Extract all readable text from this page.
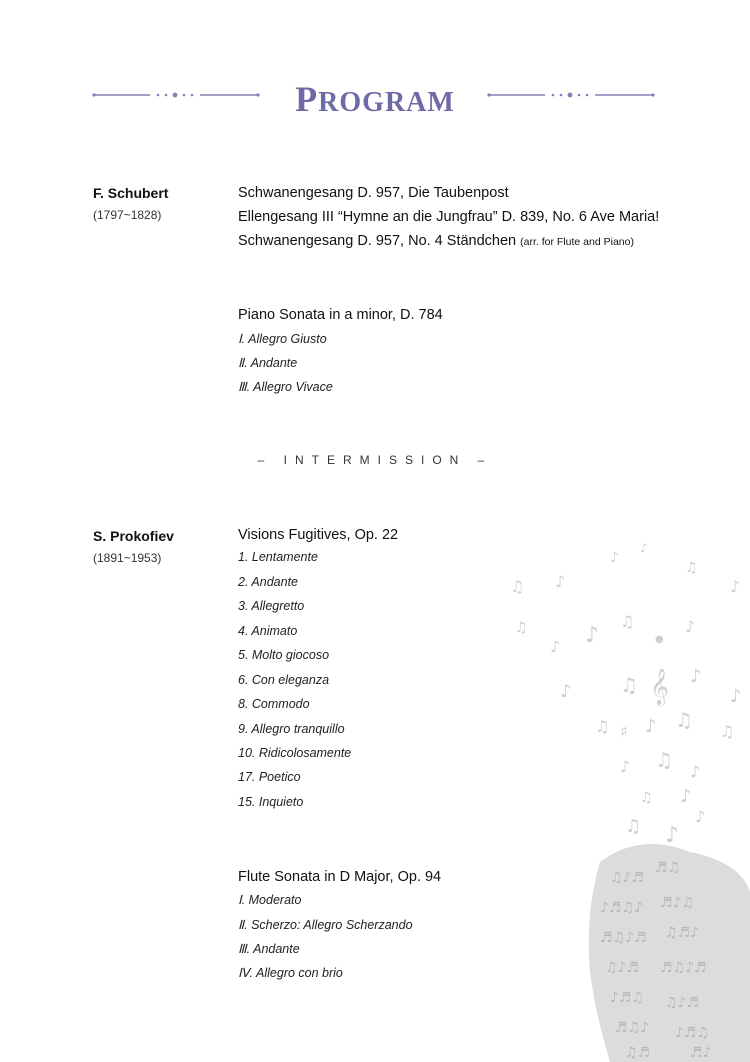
PROGRAM
F. Schubert
(1797~1828)
Schwanengesang D. 957, Die Taubenpost
Ellengesang III “Hymne an die Jungfrau” D. 839, No. 6 Ave Maria!
Schwanengesang D. 957, No. 4 Ständchen (arr. for Flute and Piano)
Piano Sonata in a minor, D. 784
Ⅰ. Allegro Giusto
Ⅱ. Andante
Ⅲ. Allegro Vivace
– INTERMISSION –
S. Prokofiev
(1891~1953)
Visions Fugitives, Op. 22
1. Lentamente
2. Andante
3. Allegretto
4. Animato
5. Molto giocoso
6. Con eleganza
8. Commodo
9. Allegro tranquillo
10. Ridicolosamente
17. Poetico
15. Inquieto
Flute Sonata in D Major, Op. 94
Ⅰ. Moderato
Ⅱ. Scherzo: Allegro Scherzando
Ⅲ. Andante
Ⅳ. Allegro con brio
♫ ♪
♪
♪
♫
♪
♫
♪ ♪
♫
●
♪
♪ ♫ 𝄞 ♪
♪
♫ ♯ ♪ ♫ ♫
♪ ♫ ♪
♫ ♪
♫ ♪
♪
♫♪♬
♬♫
♪♬♫♪ ♬♪♫
♬♫♪♬ ♫♬♪
♫♪♬ ♬♫♪♬
♪♬♫ ♫♪♬
♬♫♪ ♪♬♫
♫♬	♬♪
